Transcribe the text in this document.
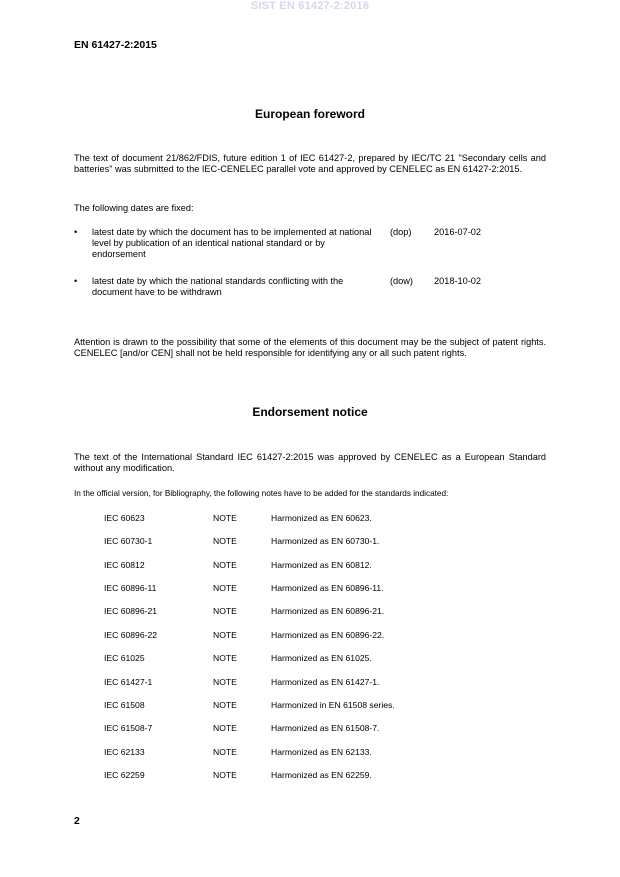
SIST EN 61427-2:2016
EN 61427-2:2015
European foreword
The text of document 21/862/FDIS, future edition 1 of IEC 61427-2, prepared by IEC/TC 21 "Secondary cells and batteries" was submitted to the IEC-CENELEC parallel vote and approved by CENELEC as EN 61427-2:2015.
The following dates are fixed:
•	latest date by which the document has to be implemented at national level by publication of an identical national standard or by endorsement
(dop)	2016-07-02
•	latest date by which the national standards conflicting with the document have to be withdrawn
(dow)	2018-10-02
Attention is drawn to the possibility that some of the elements of this document may be the subject of patent rights. CENELEC [and/or CEN] shall not be held responsible for identifying any or all such patent rights.
Endorsement notice
The text of the International Standard IEC 61427-2:2015 was approved by CENELEC as a European Standard without any modification.
In the official version, for Bibliography, the following notes have to be added for the standards indicated:
IEC 60623	NOTE	Harmonized as EN 60623.
IEC 60730-1	NOTE	Harmonized as EN 60730-1.
IEC 60812	NOTE	Harmonized as EN 60812.
IEC 60896-11	NOTE	Harmonized as EN 60896-11.
IEC 60896-21	NOTE	Harmonized as EN 60896-21.
IEC 60896-22	NOTE	Harmonized as EN 60896-22.
IEC 61025	NOTE	Harmonized as EN 61025.
IEC 61427-1	NOTE	Harmonized as EN 61427-1.
IEC 61508	NOTE	Harmonized in EN 61508 series.
IEC 61508-7	NOTE	Harmonized as EN 61508-7.
IEC 62133	NOTE	Harmonized as EN 62133.
IEC 62259	NOTE	Harmonized as EN 62259.
2
